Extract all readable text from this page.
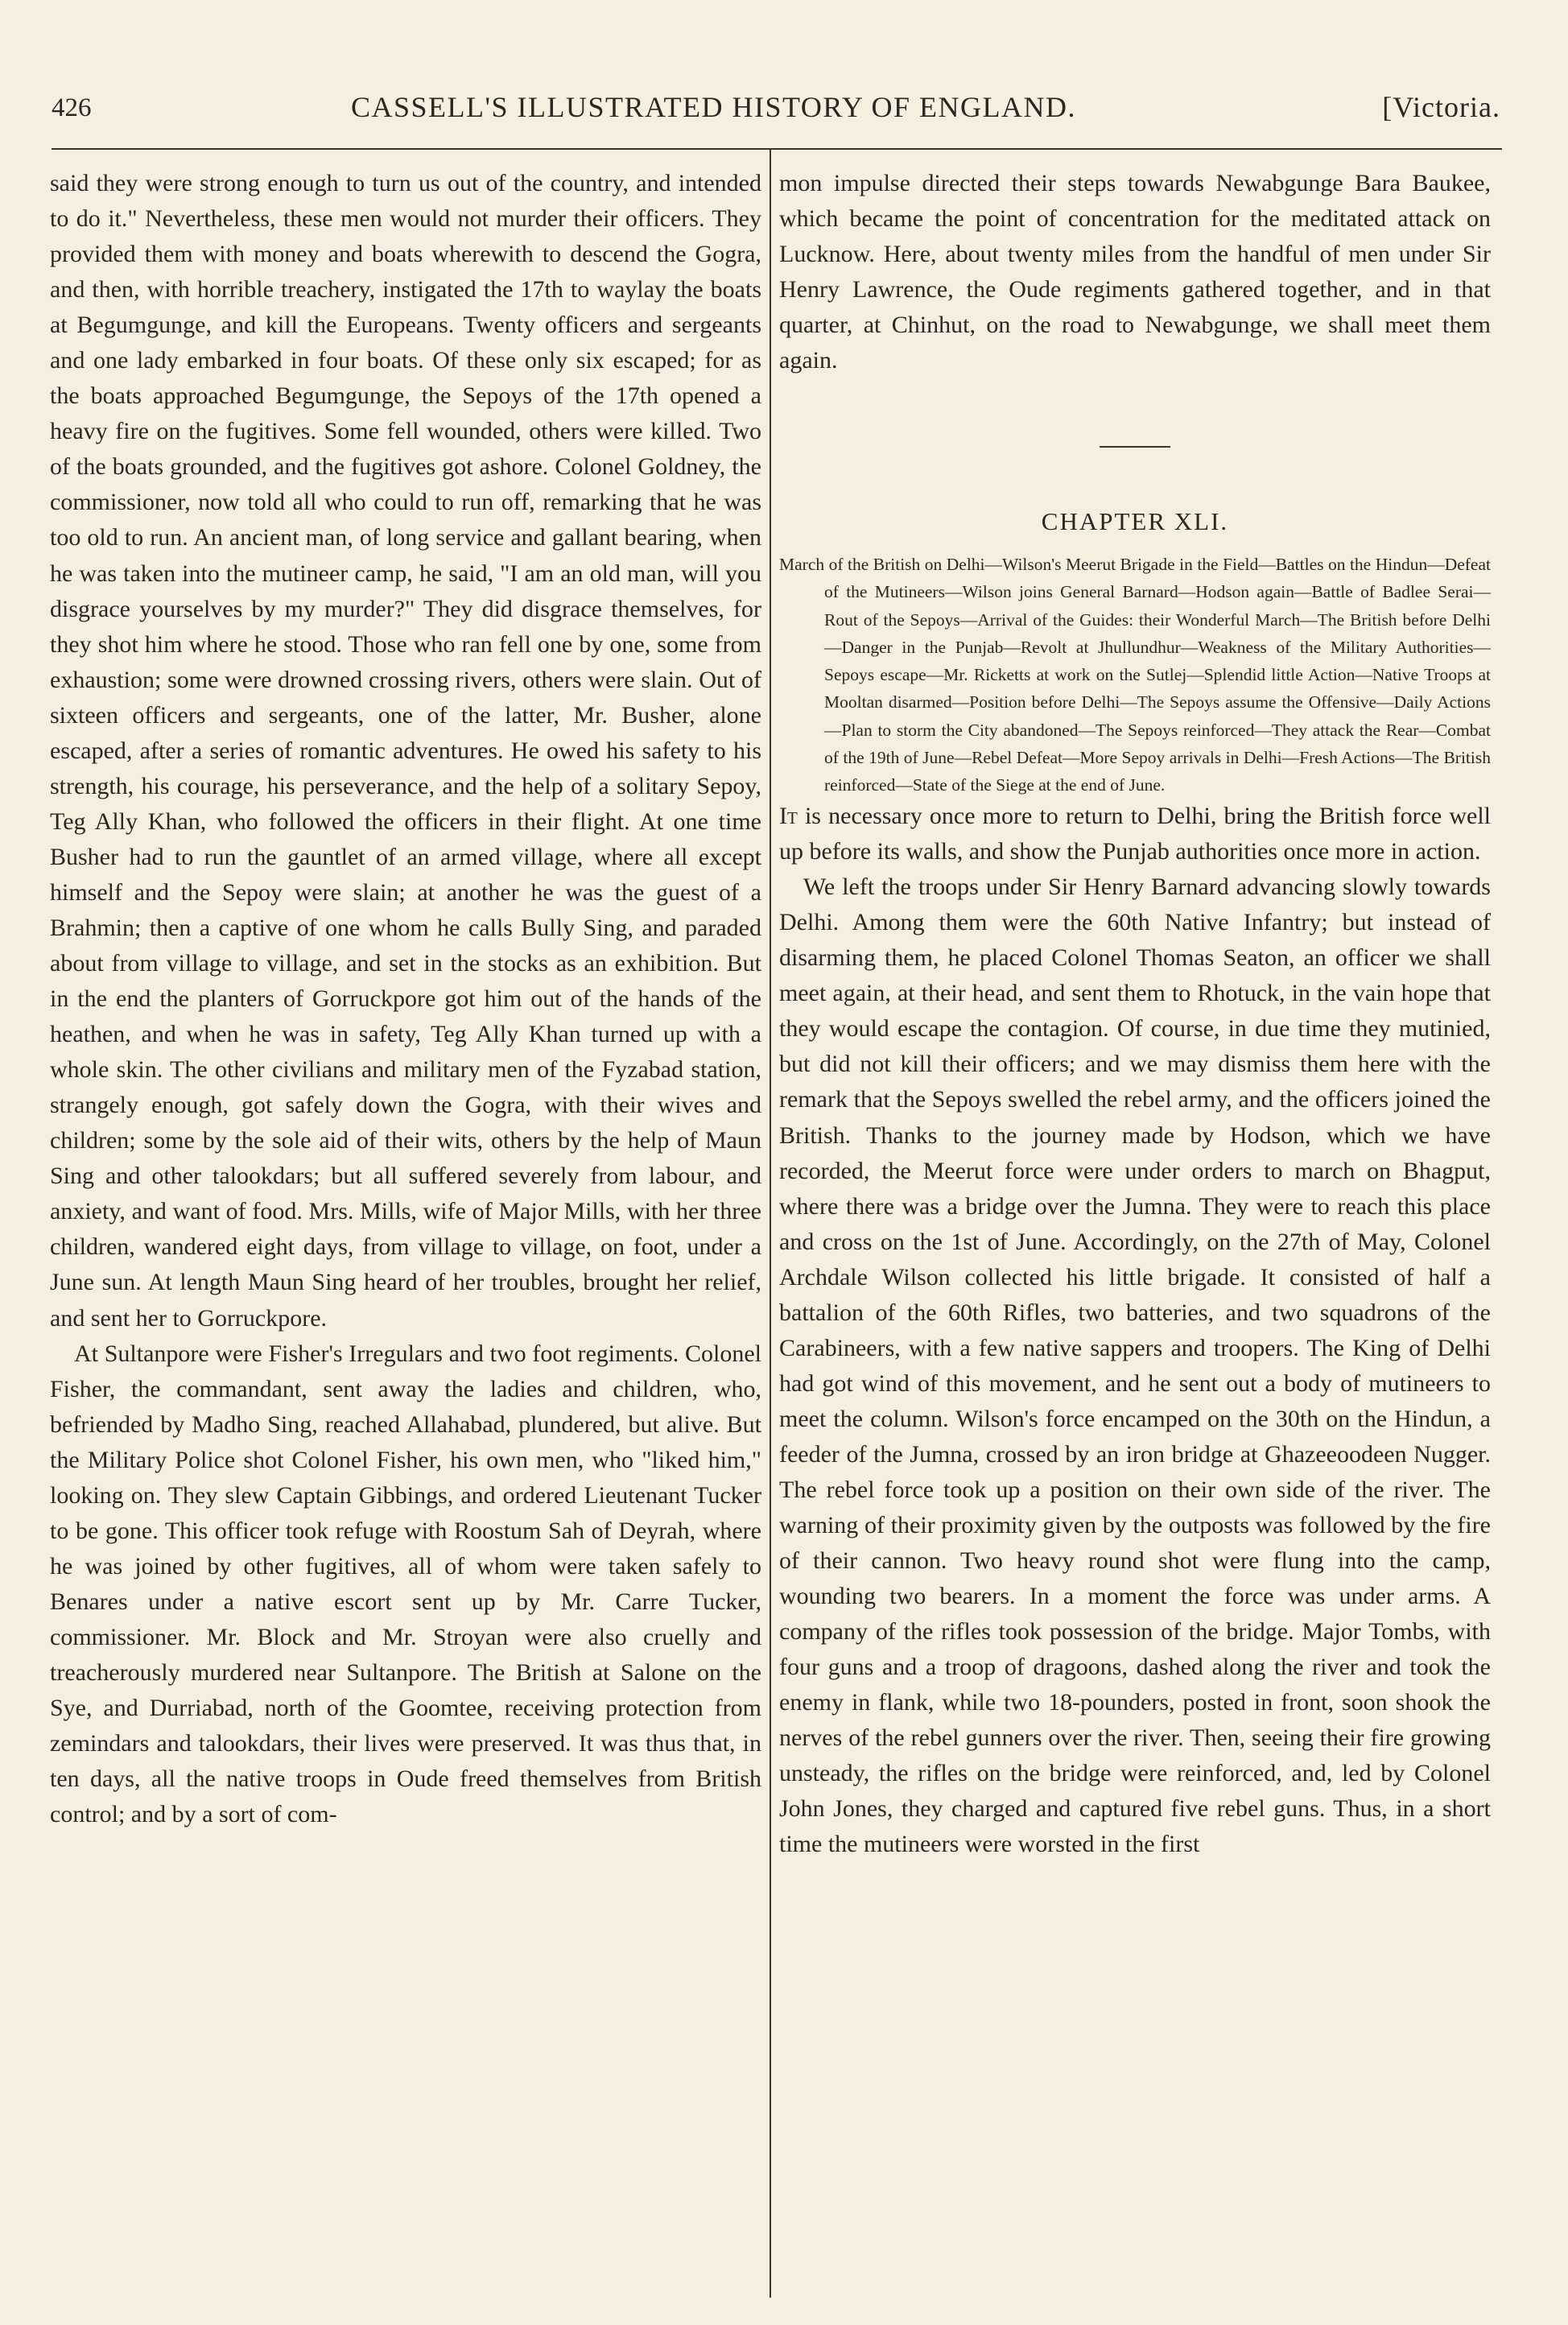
426	CASSELL'S ILLUSTRATED HISTORY OF ENGLAND.	[Victoria.

said they were strong enough to turn us out of the country, and intended to do it." Nevertheless, these men would not murder their officers. They provided them with money and boats wherewith to descend the Gogra, and then, with horrible treachery, instigated the 17th to waylay the boats at Begumgunge, and kill the Europeans. Twenty officers and sergeants and one lady embarked in four boats. Of these only six escaped; for as the boats approached Begumgunge, the Sepoys of the 17th opened a heavy fire on the fugitives. Some fell wounded, others were killed. Two of the boats grounded, and the fugitives got ashore. Colonel Goldney, the commissioner, now told all who could to run off, remarking that he was too old to run. An ancient man, of long service and gallant bearing, when he was taken into the mutineer camp, he said, "I am an old man, will you disgrace yourselves by my murder?" They did disgrace themselves, for they shot him where he stood. Those who ran fell one by one, some from exhaustion; some were drowned crossing rivers, others were slain. Out of sixteen officers and sergeants, one of the latter, Mr. Busher, alone escaped, after a series of romantic adventures. He owed his safety to his strength, his courage, his perseverance, and the help of a solitary Sepoy, Teg Ally Khan, who followed the officers in their flight. At one time Busher had to run the gauntlet of an armed village, where all except himself and the Sepoy were slain; at another he was the guest of a Brahmin; then a captive of one whom he calls Bully Sing, and paraded about from village to village, and set in the stocks as an exhibition. But in the end the planters of Gorruckpore got him out of the hands of the heathen, and when he was in safety, Teg Ally Khan turned up with a whole skin. The other civilians and military men of the Fyzabad station, strangely enough, got safely down the Gogra, with their wives and children; some by the sole aid of their wits, others by the help of Maun Sing and other talookdars; but all suffered severely from labour, and anxiety, and want of food. Mrs. Mills, wife of Major Mills, with her three children, wandered eight days, from village to village, on foot, under a June sun. At length Maun Sing heard of her troubles, brought her relief, and sent her to Gorruckpore.

At Sultanpore were Fisher's Irregulars and two foot regiments. Colonel Fisher, the commandant, sent away the ladies and children, who, befriended by Madho Sing, reached Allahabad, plundered, but alive. But the Military Police shot Colonel Fisher, his own men, who "liked him," looking on. They slew Captain Gibbings, and ordered Lieutenant Tucker to be gone. This officer took refuge with Roostum Sah of Deyrah, where he was joined by other fugitives, all of whom were taken safely to Benares under a native escort sent up by Mr. Carre Tucker, commissioner. Mr. Block and Mr. Stroyan were also cruelly and treacherously murdered near Sultanpore. The British at Salone on the Sye, and Durriabad, north of the Goomtee, receiving protection from zemindars and talookdars, their lives were preserved. It was thus that, in ten days, all the native troops in Oude freed themselves from British control; and by a sort of com-

mon impulse directed their steps towards Newabgunge Bara Baukee, which became the point of concentration for the meditated attack on Lucknow. Here, about twenty miles from the handful of men under Sir Henry Lawrence, the Oude regiments gathered together, and in that quarter, at Chinhut, on the road to Newabgunge, we shall meet them again.

CHAPTER XLI.
March of the British on Delhi—Wilson's Meerut Brigade in the Field—Battles on the Hindun—Defeat of the Mutineers—Wilson joins General Barnard—Hodson again—Battle of Badlee Serai—Rout of the Sepoys—Arrival of the Guides: their Wonderful March—The British before Delhi—Danger in the Punjab—Revolt at Jhullundhur—Weakness of the Military Authorities—Sepoys escape—Mr. Ricketts at work on the Sutlej—Splendid little Action—Native Troops at Mooltan disarmed—Position before Delhi—The Sepoys assume the Offensive—Daily Actions—Plan to storm the City abandoned—The Sepoys reinforced—They attack the Rear—Combat of the 19th of June—Rebel Defeat—More Sepoy arrivals in Delhi—Fresh Actions—The British reinforced—State of the Siege at the end of June.

It is necessary once more to return to Delhi, bring the British force well up before its walls, and show the Punjab authorities once more in action.

We left the troops under Sir Henry Barnard advancing slowly towards Delhi. Among them were the 60th Native Infantry; but instead of disarming them, he placed Colonel Thomas Seaton, an officer we shall meet again, at their head, and sent them to Rhotuck, in the vain hope that they would escape the contagion. Of course, in due time they mutinied, but did not kill their officers; and we may dismiss them here with the remark that the Sepoys swelled the rebel army, and the officers joined the British. Thanks to the journey made by Hodson, which we have recorded, the Meerut force were under orders to march on Bhagput, where there was a bridge over the Jumna. They were to reach this place and cross on the 1st of June. Accordingly, on the 27th of May, Colonel Archdale Wilson collected his little brigade. It consisted of half a battalion of the 60th Rifles, two batteries, and two squadrons of the Carabineers, with a few native sappers and troopers. The King of Delhi had got wind of this movement, and he sent out a body of mutineers to meet the column. Wilson's force encamped on the 30th on the Hindun, a feeder of the Jumna, crossed by an iron bridge at Ghazeeoodeen Nugger. The rebel force took up a position on their own side of the river. The warning of their proximity given by the outposts was followed by the fire of their cannon. Two heavy round shot were flung into the camp, wounding two bearers. In a moment the force was under arms. A company of the rifles took possession of the bridge. Major Tombs, with four guns and a troop of dragoons, dashed along the river and took the enemy in flank, while two 18-pounders, posted in front, soon shook the nerves of the rebel gunners over the river. Then, seeing their fire growing unsteady, the rifles on the bridge were reinforced, and, led by Colonel John Jones, they charged and captured five rebel guns. Thus, in a short time the mutineers were worsted in the first
